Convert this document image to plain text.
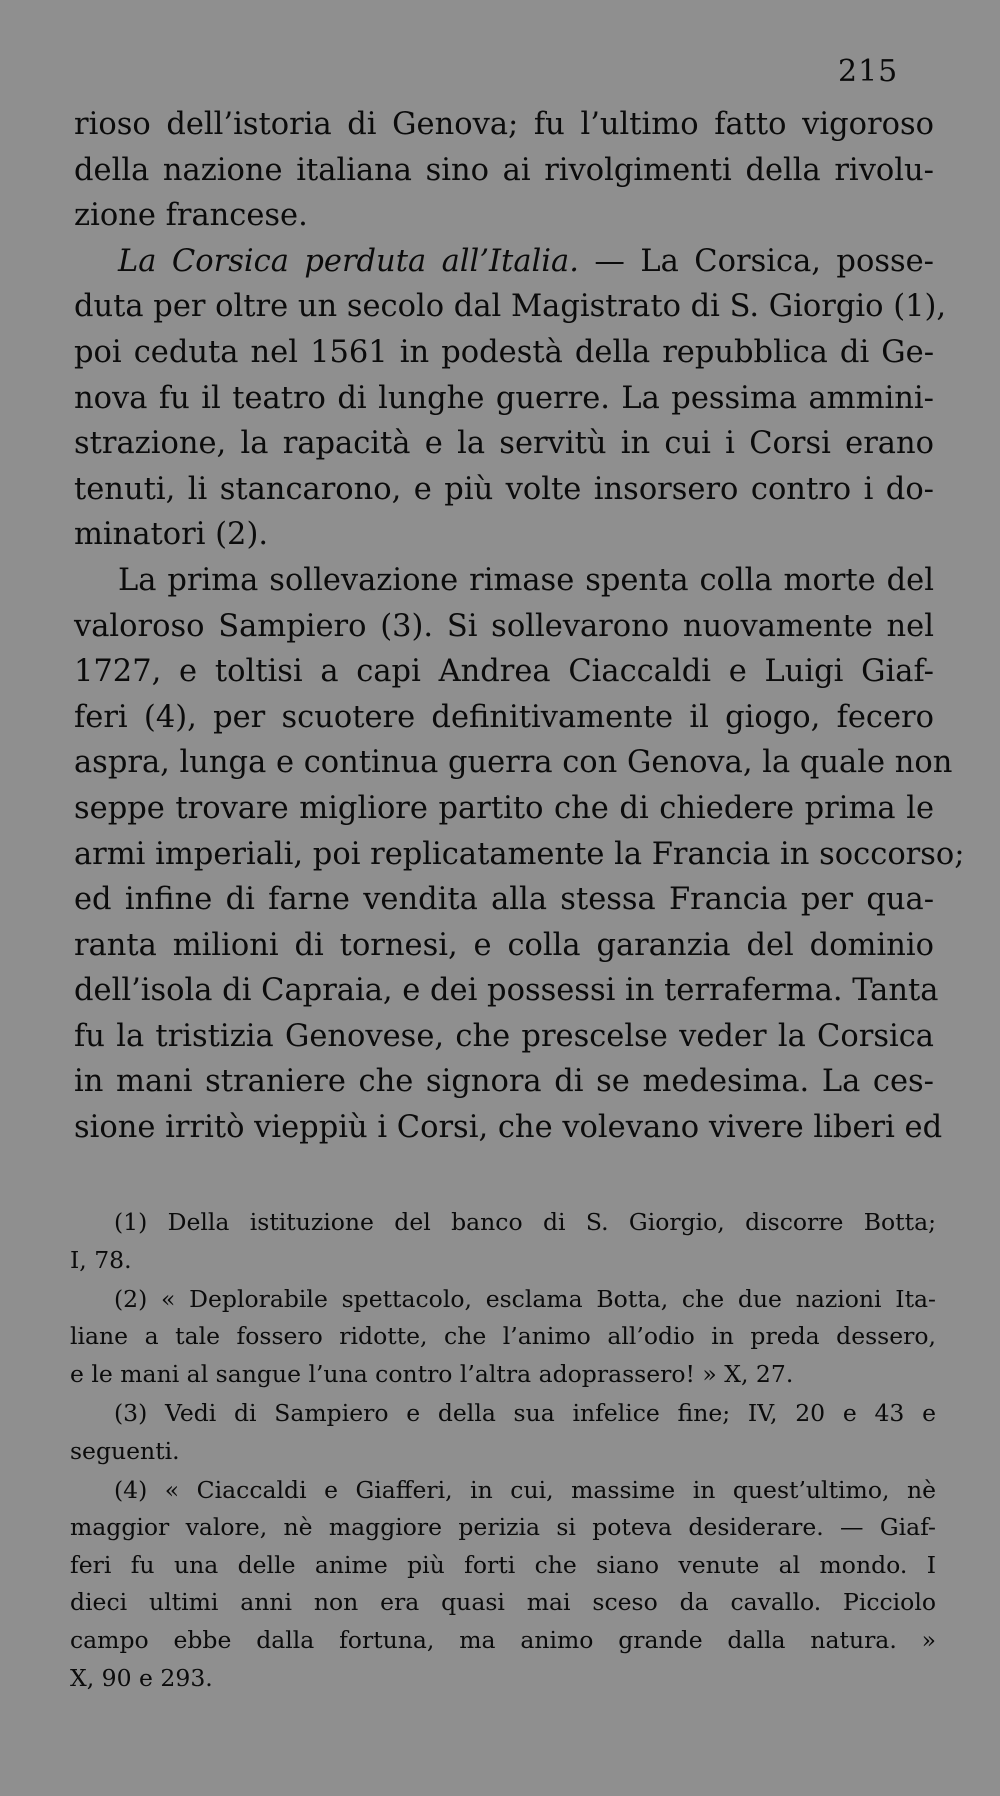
215
rioso dell’istoria di Genova; fu l’ultimo fatto vigoroso
della nazione italiana sino ai rivolgimenti della rivolu-
zione francese.
La Corsica perduta all’Italia. — La Corsica, posse-
duta per oltre un secolo dal Magistrato di S. Giorgio (1),
poi ceduta nel 1561 in podestà della repubblica di Ge-
nova fu il teatro di lunghe guerre. La pessima ammini-
strazione, la rapacità e la servitù in cui i Corsi erano
tenuti, li stancarono, e più volte insorsero contro i do-
minatori (2).
La prima sollevazione rimase spenta colla morte del
valoroso Sampiero (3). Si sollevarono nuovamente nel
1727, e toltisi a capi Andrea Ciaccaldi e Luigi Giaf-
feri (4), per scuotere definitivamente il giogo, fecero
aspra, lunga e continua guerra con Genova, la quale non
seppe trovare migliore partito che di chiedere prima le
armi imperiali, poi replicatamente la Francia in soccorso;
ed infine di farne vendita alla stessa Francia per qua-
ranta milioni di tornesi, e colla garanzia del dominio
dell’isola di Capraia, e dei possessi in terraferma. Tanta
fu la tristizia Genovese, che prescelse veder la Corsica
in mani straniere che signora di se medesima. La ces-
sione irritò vieppiù i Corsi, che volevano vivere liberi ed
(1) Della istituzione del banco di S. Giorgio, discorre Botta;
I, 78.
(2) « Deplorabile spettacolo, esclama Botta, che due nazioni Ita-
liane a tale fossero ridotte, che l’animo all’odio in preda dessero,
e le mani al sangue l’una contro l’altra adoprassero! » X, 27.
(3) Vedi di Sampiero e della sua infelice fine; IV, 20 e 43 e
seguenti.
(4) « Ciaccaldi e Giafferi, in cui, massime in quest’ultimo, nè
maggior valore, nè maggiore perizia si poteva desiderare. — Giaf-
feri fu una delle anime più forti che siano venute al mondo. I
dieci ultimi anni non era quasi mai sceso da cavallo. Picciolo
campo ebbe dalla fortuna, ma animo grande dalla natura. »
X, 90 e 293.
